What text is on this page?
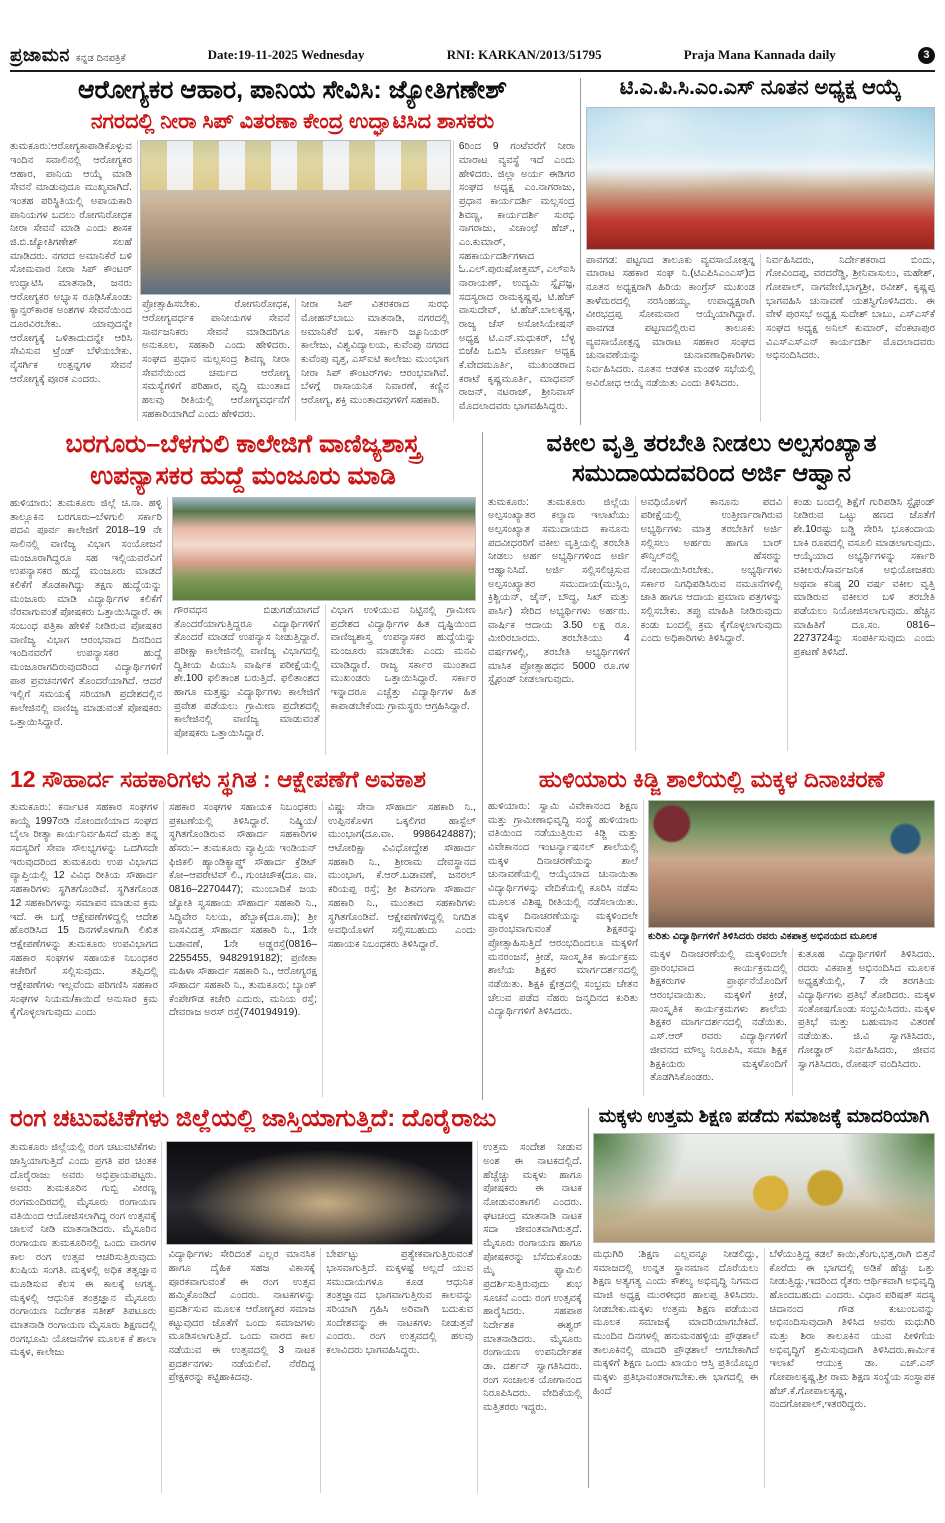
ಪ್ರಜಾ‍ಮನ ಕನ್ನಡ ದಿನಪತ್ರಿಕೆ	Date:19-11-2025 Wednesday	RNI: KARKAN/2013/51795	Praja Mana Kannada daily	3
ಆರೋಗ್ಯಕರ ಆಹಾರ, ಪಾನಿಯ ಸೇವಿಸಿ: ಜ್ಯೋತಿಗಣೇಶ್
ನಗರದಲ್ಲಿ ನೀರಾ ಸಿಪ್ ವಿತರಣಾ ಕೇಂದ್ರ ಉದ್ಘಾಟಿಸಿದ ಶಾಸಕರು
ತುಮಕೂರು:ಆರೋಗ್ಯಕಾಪಾಡಿಕೊಳ್ಳುವ ಇಂದಿನ ಸವಾಲಿನಲ್ಲಿ ಆರೋಗ್ಯಕರ ಆಹಾರ, ಪಾನಿಯ ಆಯ್ಕೆ ಮಾಡಿ ಸೇವನೆ ಮಾಡುವುದೂ ಮುಖ್ಯವಾಗಿದೆ. ಇಂತಹ ಪರಿಸ್ಥಿತಿಯಲ್ಲಿ ಅಪಾಯಕಾರಿ ಪಾನಿಯಗಳ ಬದಲು ರೋಗನಿರೋಧಕ ನೀರಾ ಸೇವನೆ ಮಾಡಿ ಎಂದು ಶಾಸಕ ಜಿ.ಬಿ.ಜ್ಯೋತಿಗಣೇಶ್ ಸಲಹೆ ಮಾಡಿದರು. ನಗರದ ಅಮಾನಿಕೆರೆ ಬಳಿ ಸೋಮವಾರ ನೀರಾ ಸಿಪ್ ಕೌಂಟರ್ ಉದ್ಘಾಟಿಸಿ ಮಾತನಾಡಿ, ಜನರು ಆರೋಗ್ಯಕರ ಅಭ್ಯಾಸ ರೂಢಿಸಿಕೊಂಡು ಕ್ಯಾನ್ಸರ್‌ಕಾರಕ ಅಂಶಗಳ ಸೇವನೆಯಿಂದ ದೂರವಿರಬೇಕು. ಯಾವುದನ್ನೇ ಆರೋಗ್ಯಕ್ಕೆ ಒಳಿತಾದುದನ್ನೇ ಆರಿಸಿ ಸೇವಿಸುವ ಟ್ರೆಂಡ್ ಬೆಳೆಯಬೇಕು. ನೈಸರ್ಗಿಕ ಉತ್ಪನ್ನಗಳ ಸೇವನೆ ಆರೋಗ್ಯಕ್ಕೆ ಪೂರಕ ಎಂದರು.
ಪ್ರೋತ್ಸಾಹಿಸಬೇಕು. ರೋಗನಿರೋಧಕ, ಆರೋಗ್ಯವರ್ಧಕ ಪಾನೀಯಗಳ ಸೇವನೆ ಸಾರ್ವಜನಿಕರು ಸೇವನೆ ಮಾಡಿದರಿಗೂ ಅನುಕೂಲ, ಸಹಕಾರಿ ಎಂದು ಹೇಳಿದರು. ಸಂಘದ ಪ್ರಧಾನ ಮಲ್ಲಸಂದ್ರ ಶಿವಣ್ಣ ನೀರಾ ಸೇವನೆಯಿಂದ ಚರ್ಮದ ಆರೋಗ್ಯ ಸಮಸ್ಯೆಗಳಿಗೆ ಪರಿಹಾರ, ವೃದ್ಧಿ ಮುಂತಾದ ಹಲವು ರೀತಿಯಲ್ಲಿ ಆರೋಗ್ಯವರ್ಧನೆಗೆ ಸಹಕಾರಿಯಾಗಿದೆ ಎಂದು ಹೇಳಿದರು.
ನೀರಾ ಸಿಪ್ ವಿತರಕರಾದ ಸುರಭಿ ಮೋಹನ್‌ಬಾಬು ಮಾತನಾಡಿ, ನಗರದಲ್ಲಿ ಅಮಾನಿಕೆರೆ ಬಳಿ, ಸರ್ಕಾರಿ ಜ್ಯೂನಿಯರ್ ಕಾಲೇಜು, ವಿಶ್ವವಿದ್ಯಾಲಯ, ಕುವೆಂಪು ನಗರದ ಕುವೆಂಪು ವೃತ್ತ, ಎಸ್‌ಐಟಿ ಕಾಲೇಜು ಮುಂಭಾಗ ನೀರಾ ಸಿಪ್ ಕೌಂಟರ್‌ಗಳು ಆರಂಭವಾಗಿವೆ. ಬೆಳಗ್ಗೆ ರಾಸಾಯನಿಕ ನಿವಾರಣೆ, ಕಣ್ಣಿನ ಆರೋಗ್ಯ, ಶಕ್ತಿ ಮುಂತಾದವುಗಳಿಗೆ ಸಹಕಾರಿ.
6ರಿಂದ 9 ಗಂಟೆವರೆಗೆ ನೀರಾ ಮಾರಾಟ ವ್ಯವಸ್ಥೆ ಇದೆ ಎಂದು ಹೇಳಿದರು. ಜಿಲ್ಲಾ ಅರ್ಯ ಈಡಿಗರ ಸಂಘದ ಅಧ್ಯಕ್ಷ ಎಂ.ನಾಗರಾಜು, ಪ್ರಧಾನ ಕಾರ್ಯದರ್ಶಿ ಮಲ್ಲಸಂದ್ರ ಶಿವಣ್ಣ, ಕಾರ್ಯದರ್ಶಿ ಸುರಭಿ ನಾಗರಾಜು, ವಿಚಾಂಛೆ ಹೆಚ್., ಎಂ.ಕುಮಾರ್, ಸಹಕಾರ್ಯದರ್ಶಿಗಳಾದ ಓ.ಎಲ್.ಪುರುಷೋತ್ತಮ್, ಎಲ್‌ಐಸಿ ನಾರಾಯಣ್, ಉದ್ಯಮಿ ಸ್ನೈವಜ್ಞ, ಸದಸ್ಯರಾದ ರಾಮಕೃಷ್ಣಪ್ಪ, ಟಿ.ಹೆಚ್ ವಾಸುದೇವ್, ಟಿ.ಹೆಚ್.ಬಾಲಕೃಷ್ಣ, ರಾಜ್ಯ ಚೆಸ್ ಅಸೋಸಿಯೇಷನ್ ಅಧ್ಯಕ್ಷ ಟಿ.ಎನ್.ಮಧುಕರ್, ಬೆಳ್ಳ ಬಿಜೆಪಿ ಒಬಿಸಿ ಮೋರ್ಚಾ ಅಧ್ಯಕ್ಷ ಕೆ.ವೇದಮೂರ್ತಿ, ಮುಖಂಡರಾದ ಕರಾಟೆ ಕೃಷ್ಣಮೂರ್ತಿ, ಮಾಧವನ್ ರಾಜನ್, ನಟರಾಜ್, ಶ್ರೀನಿವಾಸ್ ಮೊದಲಾದವರು ಭಾಗವಹಿಸಿದ್ದರು.
ಟಿ.ಎ.ಪಿ.ಸಿ.ಎಂ.ಎಸ್ ನೂತನ ಅಧ್ಯಕ್ಷ ಆಯ್ಕೆ
ಪಾವಗಡ: ಪಟ್ಟಣದ ತಾಲೂಕು ವ್ಯವಸಾಯೋತ್ಪನ್ನ ಮಾರಾಟ ಸಹಕಾರ ಸಂಘ ನಿ.(ಟಿಎಪಿಸಿಎಂಎಸ್)ದ ನೂತನ ಅಧ್ಯಕ್ಷರಾಗಿ ಹಿರಿಯ ಕಾಂಗ್ರೆಸ್ ಮುಖಂಡ ತಾಳೆಮರದಲ್ಲಿ ನರಸಿಂಹಯ್ಯ, ಉಪಾಧ್ಯಕ್ಷರಾಗಿ ವೀರಭದ್ರಪ್ಪ ಸೋಮವಾರ ಆಯ್ಕೆಯಾಗಿದ್ದಾರೆ. ಪಾವಗಡ ಪಟ್ಟಣದಲ್ಲಿರುವ ತಾಲೂಕು ವ್ಯವಸಾಯೋತ್ಪನ್ನ ಮಾರಾಟ ಸಹಕಾರ ಸಂಘದ ಚುನಾವಣೆಯನ್ನು ಚುನಾವಣಾಧಿಕಾರಿಗಳು ನಿರ್ವಹಿಸಿದರು. ನೂತನ ಆಡಳಿತ ಮಂಡಳಿ ಸಭೆಯಲ್ಲಿ ಅವಿರೋಧ ಆಯ್ಕೆ ನಡೆಯಿತು ಎಂದು ತಿಳಿಸಿದರು.
ನಿರ್ವಹಿಸಿದರು, ನಿರ್ದೇಶಕರಾದ ಬಿಂದು, ಗೋವಿಂದಪ್ಪ, ವರದರೆಡ್ಡಿ, ಶ್ರೀನಿವಾಸುಲು, ಮಹೇಶ್, ಗೋಪಾಲ್, ನಾಗವೇಣಿ,ಭಾಗ್ಯಶ್ರೀ, ರವೀಶ್, ಕೃಷ್ಣಪ್ಪ ಭಾಗವಹಿಸಿ ಚುನಾವಣೆ ಯಶಸ್ವಿಗೊಳಿಸಿದರು. ಈ ವೇಳೆ ಪುರಸಭೆ ಅಧ್ಯಕ್ಷ ಸುದೇಶ್ ಬಾಬು, ಎಸ್‌ಎಸ್‌ಕೆ ಸಂಘದ ಅಧ್ಯಕ್ಷ ಅನಿಲ್ ಕುಮಾರ್, ವೆಂಕಟಾಪುರ ವಿಎಸ್‌ಎಸ್‌ಎನ್ ಕಾರ್ಯದರ್ಶಿ ಮೊದಲಾದವರು ಅಭಿನಂದಿಸಿದರು.
ಬರಗೂರು–ಬೆಳಗುಲಿ ಕಾಲೇಜಿಗೆ ವಾಣಿಜ್ಯಶಾಸ್ತ್ರ
ಉಪನ್ಯಾಸಕರ ಹುದ್ದೆ ಮಂಜೂರು ಮಾಡಿ
ಹುಳಿಯಾರು: ತುಮಕೂರು ಜಿಲ್ಲೆ ಚಿ.ನಾ. ಹಳ್ಳಿ ತಾಲ್ಲೂಕಿನ ಬರಗೂರು–ಬೆಳಗುಲಿ ಸರ್ಕಾರಿ ಪದವಿ ಪೂರ್ವ ಕಾಲೇಜಿಗೆ 2018–19 ನೇ ಸಾಲಿನಲ್ಲಿ ವಾಣಿಜ್ಯ ವಿಭಾಗ ಸಂಯೋಜನೆ ಮಂಜೂರಾಗಿದ್ದರೂ ಸಹ ಇಲ್ಲಿಯವರೆವಿಗೆ ಉಪನ್ಯಾಸಕರ ಹುದ್ದೆ ಮಂಜೂರು ಮಾಡದೆ ಕಲಿಕೆಗೆ ತೊಡಕಾಗಿದ್ದು ತಕ್ಷಣ ಹುದ್ದೆಯನ್ನು ಮಂಜೂರು ಮಾಡಿ ವಿದ್ಯಾರ್ಥಿಗಳ ಕಲಿಕೆಗೆ ನೆರವಾಗುವಂತೆ ಪೋಷಕರು ಒತ್ತಾಯಿಸಿದ್ದಾರೆ. ಈ ಸಂಬಂಧ ಪತ್ರಿಕಾ ಹೇಳಿಕೆ ನೀಡಿರುವ ಪೋಷಕರ ವಾಣಿಜ್ಯ ವಿಭಾಗ ಆರಂಭವಾದ ದಿನದಿಂದ ಇಂದಿನವರೆಗೆ ಉಪನ್ಯಾಸಕರ ಹುದ್ದೆ ಮಂಜೂರಾಗದಿರುವುದರಿಂದ ವಿದ್ಯಾರ್ಥಿಗಳಿಗೆ ಪಾಠ ಪ್ರವಚನಗಳಿಗೆ ತೊಂದರೆಯಾಗಿದೆ. ಆದರೆ ಇಲ್ಲಿಗೆ ಸಮಯಕ್ಕೆ ಸರಿಯಾಗಿ ಪ್ರದೇಶದಲ್ಲಿನ ಕಾಲೇಜಿನಲ್ಲಿ ವಾಣಿಜ್ಯ ಮಾಡುವಂತೆ ಪೋಷಕರು ಒತ್ತಾಯಿಸಿದ್ದಾರೆ.
ಗೌರವಧನ ಬಿಡುಗಡೆಯಾಗದೆ ತೊಂದರೆಯಾಗುತ್ತಿದ್ದರೂ ವಿದ್ಯಾರ್ಥಿಗಳಿಗೆ ತೊಂದರೆ ಮಾಡದೆ ಉಪನ್ಯಾಸ ನೀಡುತ್ತಿದ್ದಾರೆ. ಪರೀಕ್ಷಾ ಕಾಲೇಜಿನಲ್ಲಿ ವಾಣಿಜ್ಯ ವಿಭಾಗದಲ್ಲಿ ದ್ವಿತೀಯ ಪಿಯುಸಿ ವಾರ್ಷಿಕ ಪರೀಕ್ಷೆಯಲ್ಲಿ ಶೇ.100 ಫಲಿತಾಂಶ ಬರುತ್ತಿದೆ. ಫಲಿತಾಂಶದ ಹಾಗೂ ಮತ್ತಷ್ಟು ವಿದ್ಯಾರ್ಥಿಗಳು ಕಾಲೇಜಿಗೆ ಪ್ರವೇಶ ಪಡೆಯಲು ಗ್ರಾಮೀಣ ಪ್ರದೇಶದಲ್ಲಿ ಕಾಲೇಜಿನಲ್ಲಿ ವಾಣಿಜ್ಯ ಮಾಡುವಂತೆ ಪೋಷಕರು ಒತ್ತಾಯಿಸಿದ್ದಾರೆ.
ವಿಭಾಗ ಉಳಿಯುವ ನಿಟ್ಟಿನಲ್ಲಿ ಗ್ರಾಮೀಣ ಪ್ರದೇಶದ ವಿದ್ಯಾರ್ಥಿಗಳ ಹಿತ ದೃಷ್ಟಿಯಿಂದ ವಾಣಿಜ್ಯಶಾಸ್ತ್ರ ಉಪನ್ಯಾಸಕರ ಹುದ್ದೆಯನ್ನು ಮಂಜೂರು ಮಾಡಬೇಕು ಎಂದು ಮನವಿ ಮಾಡಿದ್ದಾರೆ. ರಾಜ್ಯ ಸರ್ಕಾರ ಮುಂತಾದ ಮುಖಂಡರು ಒತ್ತಾಯಿಸಿದ್ದಾರೆ. ಸರ್ಕಾರ ಇನ್ನಾದರೂ ಎಚ್ಚೆತ್ತು ವಿದ್ಯಾರ್ಥಿಗಳ ಹಿತ ಕಾಪಾಡಬೇಕೆಂದು ಗ್ರಾಮಸ್ಥರು ಆಗ್ರಹಿಸಿದ್ದಾರೆ.
ವಕೀಲ ವೃತ್ತಿ ತರಬೇತಿ ನೀಡಲು ಅಲ್ಪಸಂಖ್ಯಾತ
ಸಮುದಾಯದವರಿಂದ ಅರ್ಜಿ ಆಹ್ವಾನ
ತುಮಕೂರು: ತುಮಕೂರು ಜಿಲ್ಲೆಯ ಅಲ್ಪಸಂಖ್ಯಾತರ ಕಲ್ಯಾಣ ಇಲಾಖೆಯು ಅಲ್ಪಸಂಖ್ಯಾತ ಸಮುದಾಯದ ಕಾನೂನು ಪದವೀಧರರಿಗೆ ವಕೀಲ ವೃತ್ತಿಯಲ್ಲಿ ತರಬೇತಿ ನೀಡಲು ಅರ್ಹ ಅಭ್ಯರ್ಥಿಗಳಿಂದ ಅರ್ಜಿ ಆಹ್ವಾನಿಸಿದೆ. ಅರ್ಜಿ ಸಲ್ಲಿಸಲಿಚ್ಛಿಸುವ ಅಲ್ಪಸಂಖ್ಯಾತರ ಸಮುದಾಯ(ಮುಸ್ಲಿಂ, ಕ್ರಿಶ್ಚಿಯನ್, ಜೈನ್, ಬೌದ್ಧ, ಸಿಖ್ ಮತ್ತು ಪಾರ್ಸಿ) ಸೇರಿದ ಅಭ್ಯರ್ಥಿಗಳು ಅರ್ಹರು. ವಾರ್ಷಿಕ ಆದಾಯ 3.50 ಲಕ್ಷ ರೂ. ಮೀರಿರಬಾರದು. ತರಬೇತಿಯು 4 ವರ್ಷಗಳಲ್ಲಿ, ತರಬೇತಿ ಅಭ್ಯರ್ಥಿಗಳಿಗೆ ಮಾಸಿಕ ಪ್ರೋತ್ಸಾಹಧನ 5000 ರೂ.ಗಳ ಸ್ಟೈಫಂಡ್ ನೀಡಲಾಗುವುದು.
ಅವಧಿಯೊಳಗೆ ಕಾನೂನು ಪದವಿ ಪರೀಕ್ಷೆಯಲ್ಲಿ ಉತ್ತೀರ್ಣರಾಗಿರುವ ಅಭ್ಯರ್ಥಿಗಳು ಮಾತ್ರ ತರಬೇತಿಗೆ ಅರ್ಜಿ ಸಲ್ಲಿಸಲು ಅರ್ಹರು ಹಾಗೂ ಬಾರ್ ಕೌನ್ಸಿಲ್‌ನಲ್ಲಿ ಹೆಸರನ್ನು ನೋಂದಾಯಿಸಿರಬೇಕು. ಅಭ್ಯರ್ಥಿಗಳು ಸರ್ಕಾರ ನಿಗಧಿಪಡಿಸಿರುವ ನಮೂನೆಗಳಲ್ಲಿ ಜಾತಿ ಹಾಗೂ ಆದಾಯ ಪ್ರಮಾಣ ಪತ್ರಗಳನ್ನು ಸಲ್ಲಿಸಬೇಕು. ತಪ್ಪು ಮಾಹಿತಿ ನೀಡಿರುವುದು ಕಂಡು ಬಂದಲ್ಲಿ ಕ್ರಮ ಕೈಗೊಳ್ಳಲಾಗುವುದು ಎಂದು ಅಧಿಕಾರಿಗಳು ತಿಳಿಸಿದ್ದಾರೆ.
ಕಂಡು ಬಂದಲ್ಲಿ ಶಿಕ್ಷೆಗೆ ಗುರಿಪಡಿಸಿ ಸ್ಟೈಫಂಡ್ ನೀಡಿರುವ ಒಟ್ಟು ಹಣದ ಜೊತೆಗೆ ಶೇ.10ರಷ್ಟು ಬಡ್ಡಿ ಸೇರಿಸಿ ಭೂಕಂದಾಯ ಬಾಕಿ ರೂಪದಲ್ಲಿ ವಸೂಲಿ ಮಾಡಲಾಗುವುದು. ಆಯ್ಕೆಯಾದ ಅಭ್ಯರ್ಥಿಗಳನ್ನು ಸರ್ಕಾರಿ ವಕೀಲರು/ಸಾರ್ವಜನಿಕ ಅಭಿಯೋಜಕರು ಅಥವಾ ಕನಿಷ್ಠ 20 ವರ್ಷ ವಕೀಲ ವೃತ್ತಿ ಮಾಡಿರುವ ವಕೀಲರ ಬಳಿ ತರಬೇತಿ ಪಡೆಯಲು ನಿಯೋಜಿಸಲಾಗುವುದು. ಹೆಚ್ಚಿನ ಮಾಹಿತಿಗೆ ದೂ.ಸಂ. 0816–2273724ನ್ನು ಸಂಪರ್ಕಿಸುವುದು ಎಂದು ಪ್ರಕಟಣೆ ತಿಳಿಸಿದೆ.
12 ಸೌಹಾರ್ದ ಸಹಕಾರಿಗಳು ಸ್ಥಗಿತ : ಆಕ್ಷೇಪಣೆಗೆ ಅವಕಾಶ
ತುಮಕೂರು: ಕರ್ನಾಟಕ ಸಹಕಾರ ಸಂಘಗಳ ಕಾಯ್ದೆ 1997ರಡಿ ನೋಂದಣಿಯಾದ ಸಂಘದ ಬೈಲಾ ರೀತ್ಯಾ ಕಾರ್ಯನಿರ್ವಹಿಸದೆ ಮತ್ತು ತನ್ನ ಸದಸ್ಯರಿಗೆ ಸೇವಾ ಸೌಲಭ್ಯಗಳನ್ನು ಒದಗಿಸದೇ ಇರುವುದರಿಂದ ತುಮಕೂರು ಉಪ ವಿಭಾಗದ ವ್ಯಾಪ್ತಿಯಲ್ಲಿ 12 ವಿವಿಧ ರೀತಿಯ ಸೌಹಾರ್ದ ಸಹಕಾರಿಗಳು ಸ್ಥಗಿತಗೊಂಡಿವೆ. ಸ್ಥಗಿತಗೊಂಡ 12 ಸಹಕಾರಿಗಳನ್ನು ಸಮಾಪನ ಮಾಡುವ ಕ್ರಮ ಇದೆ. ಈ ಬಗ್ಗೆ ಆಕ್ಷೇಪಣೆಗಳಿದ್ದಲ್ಲಿ ಆದೇಶ ಹೊರಡಿಸಿದ 15 ದಿನಗಳೊಳಗಾಗಿ ಲಿಖಿತ ಆಕ್ಷೇಪಣೆಗಳನ್ನು ತುಮಕೂರು ಉಪವಿಭಾಗದ ಸಹಕಾರ ಸಂಘಗಳ ಸಹಾಯಕ ನಿಬಂಧಕರ ಕಚೇರಿಗೆ ಸಲ್ಲಿಸುವುದು. ತಪ್ಪಿದಲ್ಲಿ ಆಕ್ಷೇಪಣೆಗಳು ಇಲ್ಲವೆಂದು ಪರಿಗಣಿಸಿ ಸಹಕಾರ ಸಂಘಗಳ ನಿಯಮ/ಕಾಯಿದೆ ಅನುಸಾರ ಕ್ರಮ ಕೈಗೊಳ್ಳಲಾಗುವುದು ಎಂದು
ಸಹಕಾರ ಸಂಘಗಳ ಸಹಾಯಕ ನಿಬಂಧಕರು ಪ್ರಕಟಣೆಯಲ್ಲಿ ತಿಳಿಸಿದ್ದಾರೆ. ನಿಷ್ಕ್ರಿಯ/ಸ್ಥಗಿತಗೊಂಡಿರುವ ಸೌಹಾರ್ದ ಸಹಕಾರಿಗಳ ಹೆಸರು:– ತುಮಕೂರು ವ್ಯಾಪ್ತಿಯ ಇಂಡಿಯನ್ ಫಿಜಿಕಲಿ ಹ್ಯಾಂಡಿಕ್ಯಾಪ್ಡ್ ಸೌಹಾರ್ದ ಕ್ರೆಡಿಟ್ ಕೋ–ಆಪರೇಟಿವ್ ಲಿ., ಗುಂಚಿಚೌಕ(ದೂ. ವಾ. 0816–2270447); ಮುಂಬಾದಿಕೆ ಜಯ ಜ್ಯೋತಿ ಸ್ವಸಹಾಯ ಸೌಹಾರ್ದ ಸಹಕಾರಿ ನಿ., ಸಿದ್ಧಿವೇರ ನಿಲಯ, ಹೆಬ್ಬಾಕ(ದೂ.ವಾ); ಶ್ರೀ ವಾಸವಿದತ್ತ ಸೌಹಾರ್ದ ಸಹಕಾರಿ ನಿ., 1ನೇ ಬಡಾವಣೆ, 1ನೇ ಅಡ್ಡರಸ್ತೆ(0816–2255455, 9482919182); ಪ್ರಣೀತಾ ಮಹಿಳಾ ಸೌಹಾರ್ದ ಸಹಕಾರಿ ನಿ., ಆರೋಗ್ಯರಕ್ಷ ಸೌಹಾರ್ದ ಸಹಕಾರಿ ನಿ., ತುಮಕೂರು; ಬ್ಯಾಂಕ್ ಕೆಂಪೇಗೌಡ ಕಚೇರಿ ಎದುರು, ಮನಿಯ ರಸ್ತೆ; ದೇವರಾಜ ಅರಸ್ ರಸ್ತೆ(740194919).
ವಿಷ್ಣು ಸೇನಾ ಸೌಹಾರ್ದ ಸಹಕಾರಿ ನಿ., ಉಪ್ಪಿನಕೊಳಗ ಒಕ್ಕಲಿಗರ ಹಾಸ್ಟೆಲ್ ಮುಂಭಾಗ(ದೂ.ವಾ. 9986424887); ಆಟೋರಿಕ್ಷಾ ವಿವಿಧೋದ್ದೇಶ ಸೌಹಾರ್ದ ಸಹಕಾರಿ ನಿ., ಶ್ರೀರಾಮ ದೇವಸ್ಥಾನದ ಮುಂಭಾಗ, ಕೆ.ಆರ್.ಬಡಾವಣೆ, ಜನರಲ್ ಕರಿಯಪ್ಪ ರಸ್ತೆ; ಶ್ರೀ ಶಿವಗಂಗಾ ಸೌಹಾರ್ದ ಸಹಕಾರಿ ನಿ., ಮುಂತಾದ ಸಹಕಾರಿಗಳು ಸ್ಥಗಿತಗೊಂಡಿವೆ. ಆಕ್ಷೇಪಣೆಗಳಿದ್ದಲ್ಲಿ ನಿಗದಿತ ಅವಧಿಯೊಳಗೆ ಸಲ್ಲಿಸಬಹುದು ಎಂದು ಸಹಾಯಕ ನಿಬಂಧಕರು ತಿಳಿಸಿದ್ದಾರೆ.
ಹುಳಿಯಾರು ಕಿಡ್ಜಿ ಶಾಲೆಯಲ್ಲಿ ಮಕ್ಕಳ ದಿನಾಚರಣೆ
ಹುಳಿಯಾರು: ಸ್ವಾಮಿ ವಿವೇಕಾನಂದ ಶಿಕ್ಷಣ ಮತ್ತು ಗ್ರಾಮೀಣಾಭಿವೃದ್ಧಿ ಸಂಸ್ಥೆ ಹುಳಿಯಾರು ವತಿಯಿಂದ ನಡೆಯುತ್ತಿರುವ ಕಿಡ್ಜಿ ಮತ್ತು ವಿವೇಕಾನಂದ ಇಂಟರ್ನ್ಯಾಷನಲ್ ಶಾಲೆಯಲ್ಲಿ ಮಕ್ಕಳ ದಿನಾಚರಣೆಯನ್ನು ಶಾಲೆ ಚುನಾವಣೆಯಲ್ಲಿ ಆಯ್ಕೆಯಾದ ಚುನಾಯಿತಾ ವಿದ್ಯಾರ್ಥಿಗಳನ್ನು ವೇದಿಕೆಯಲ್ಲಿ ಕೂರಿಸಿ ನಡೆಸು ಮೂಲಕ ವಿಶಿಷ್ಟ ರೀತಿಯಲ್ಲಿ ನಡೆಸಲಾಯಿತು. ಮಕ್ಕಳ ದಿನಾಚರಣೆಯನ್ನು ಮಕ್ಕಳಿಂದಲೇ ಪ್ರಾರಂಭವಾಗುವಂತೆ ಶಿಕ್ಷಕರನ್ನು ಪ್ರೋತ್ಸಾಹಿಸುತ್ತಿದೆ ಆರಂಭದಿಂದಲೂ ಮಕ್ಕಳಿಗೆ ಮನರಂಜನೆ, ಕ್ರೀಡೆ, ಸಾಂಸ್ಕೃತಿಕ ಕಾರ್ಯಕ್ರಮ ಶಾಲೆಯ ಶಿಕ್ಷಕರ ಮಾರ್ಗದರ್ಶನದಲ್ಲಿ ನಡೆಯಿತು. ಶಿಕ್ಷಕಿ ಕ್ಷೇತ್ರದಲ್ಲಿ ಸಂಭ್ರಮ ಚೇತನ ಚೆಲುವ ಪಡೆದ ನೆಹರು ಜನ್ಮದಿನದ ಕುರಿತು ವಿದ್ಯಾರ್ಥಿಗಳಿಗೆ ತಿಳಿಸಿದರು.
ಕುರಿತು ವಿದ್ಯಾರ್ಥಿಗಳಿಗೆ ತಿಳಿಸಿದರು ರವರು ವಿಕಪಾತ್ರ ಅಭಿನಯದ ಮೂಲಕ
ಮಕ್ಕಳ ದಿನಾಚರಣೆಯಲ್ಲಿ ಮಕ್ಕಳಿಂದಲೇ ಪ್ರಾರಂಭವಾದ ಕಾರ್ಯಕ್ರಮದಲ್ಲಿ ಶಿಕ್ಷಕರುಗಳ ಪ್ರಾರ್ಥನೆಯೊಂದಿಗೆ ಆರಂಭವಾಯಿತು. ಮಕ್ಕಳಿಗೆ ಕ್ರೀಡೆ, ಸಾಂಸ್ಕೃತಿಕ ಕಾರ್ಯಕ್ರಮಗಳು ಶಾಲೆಯ ಶಿಕ್ಷಕರ ಮಾರ್ಗದರ್ಶನದಲ್ಲಿ ನಡೆಯಿತು. ಎಸ್.ಆರ್ ರವರು ವಿದ್ಯಾರ್ಥಿಗಳಿಗೆ ಜೀವನದ ಮೌಲ್ಯ ನಿರೂಪಿಸಿ, ಸಮಾ ಶಿಕ್ಷಕ ಶಿಕ್ಷಕಿಯರು ಮಕ್ಕಳೊಂದಿಗೆ ತೊಡಗಿಸಿಕೊಂಡರು.
ಕುತೂಹ ವಿದ್ಯಾರ್ಥಿಗಳಿಗೆ ತಿಳಿಸಿದರು. ರದರು ವಿಕಪಾತ್ರ ಅಭಿನಂದಿಸಿದ ಮೂಲಕ ಅಧ್ಯಕ್ಷತೆಯಲ್ಲಿ, 7 ನೇ ತರಗತಿಯ ವಿದ್ಯಾರ್ಥಿಗಳು ಪ್ರತಿಭೆ ತೋರಿದರು. ಮಕ್ಕಳ ಸಂತೋಷಗೊಂಡು ಸಂಭ್ರಮಿಸಿದರು. ಮಕ್ಕಳ ಪ್ರತಿಭೆ ಮತ್ತು ಬಹುಮಾನ ವಿತರಣೆ ನಡೆಯಿತು. ಜಿ.ವಿ ಸ್ವಾಗತಿಸಿದರು, ಗೋಡ್ಡಾರ್ ನಿರ್ವಹಿಸಿದರು, ಜೀವನ ಸ್ವಾಗತಿಸಿದರು, ರೋಷನ್ ವಂದಿಸಿದರು.
ರಂಗ ಚಟುವಟಿಕೆಗಳು ಜಿಲ್ಲೆಯಲ್ಲಿ ಜಾಸ್ತಿಯಾಗುತ್ತಿದೆ: ದೊರೈರಾಜು
ತುಮಕೂರು ಜಿಲ್ಲೆಯಲ್ಲಿ ರಂಗ ಚಟುವಟಿಕೆಗಳು ಜಾಸ್ತಿಯಾಗುತ್ತಿದೆ ಎಂದು ಪ್ರಗತಿ ಪರ ಚಿಂತಕ ದೊರೈರಾಜು ಅವರು ಅಭಿಪ್ರಾಯಪಟ್ಟರು. ಅವರು ತುಮಕೂರಿನ ಗುಬ್ಬಿ ವೀರಣ್ಣ ರಂಗಮಂದಿರದಲ್ಲಿ ಮೈಸೂರು ರಂಗಾಯಣ ವತಿಯಿಂದ ಆಯೋಜಿಸಲಾಗಿದ್ದ ರಂಗ ಉತ್ಸವಕ್ಕೆ ಚಾಲನೆ ನೀಡಿ ಮಾತನಾಡಿದರು. ಮೈಸೂರಿನ ರಂಗಾಯಣ ತುಮಕೂರಿನಲ್ಲಿ ಒಂದು ವಾರಗಳ ಕಾಲ ರಂಗ ಉತ್ಸವ ಆಚರಿಸುತ್ತಿರುವುದು ಖುಷಿಯ ಸಂಗತಿ. ಮಕ್ಕಳಲ್ಲಿ ಅಧಿಕ ತತ್ವಜ್ಞಾನ ಮೂಡಿಸುವ ಕೆಲಸ ಈ ಕಾಲಕ್ಕೆ ಅಗತ್ಯ. ಮಕ್ಕಳಲ್ಲಿ ಆಧುನಿಕ ತಂತ್ರಜ್ಞಾನ ಮೈಸೂರು ರಂಗಾಯಣ ನಿರ್ದೇಶಕ ಸತೀಶ್ ತಿಪಟೂರು ಮಾತನಾಡಿ ರಂಗಾಯಣ ಮೈಸೂರು ಶಿಕ್ಷಣದಲ್ಲಿ ರಂಗಭೂಮಿ ಯೋಜನೆಗಳ ಮೂಲಕ ಕೆ ಶಾಲಾ ಮಕ್ಕಳ, ಕಾಲೇಜು
ವಿದ್ಯಾರ್ಥಿಗಳು ಸೇರಿದಂತೆ ಎಲ್ಲರ ಮಾನಸಿಕ ಹಾಗೂ ದೈಹಿಕ ಸಹಜ ವಿಕಾಸಕ್ಕೆ ಪೂರಕವಾಗುವಂತೆ ಈ ರಂಗ ಉತ್ಸವ ಹಮ್ಮಿಕೊಂಡಿದೆ ಎಂದರು. ನಾಟಕಗಳನ್ನು ಪ್ರದರ್ಶಿಸುವ ಮೂಲಕ ಆರೋಗ್ಯಕರ ಸಮಾಜ ಕಟ್ಟುವುದರ ಜೊತೆಗೆ ಒಂದು ಸಮಾಜಗಳು ಮೂಡಿಸಲಾಗುತ್ತಿದೆ. ಒಂದು ವಾರದ ಕಾಲ ನಡೆಯುವ ಈ ಉತ್ಸವದಲ್ಲಿ 3 ನಾಟಕ ಪ್ರದರ್ಶನಗಳು ನಡೆಯಲಿವೆ. ನೆರೆದಿದ್ದ ಪ್ರೇಕ್ಷಕರನ್ನು ಕಟ್ಟಿಹಾಕಿದವು.
ಬೇರ್ಪಟ್ಟು ಪ್ರತ್ಯೇಕವಾಗುತ್ತಿರುವಂತೆ ಭಾಸವಾಗುತ್ತಿದೆ. ಮಕ್ಕಳಷ್ಟೆ ಅಲ್ಲದೆ ಯುವ ಸಮುದಾಯಗಳೂ ಕೂಡ ಆಧುನಿಕ ತಂತ್ರಜ್ಞಾನದ ಭಾಗವಾಗುತ್ತಿರುವ ಕಾಲವನ್ನು ಸರಿಯಾಗಿ ಗ್ರಹಿಸಿ ಅರಿವಾಗಿ ಬದುಕುವ ಸಂದೇಶವನ್ನು ಈ ನಾಟಕಗಳು ನೀಡುತ್ತವೆ ಎಂದರು. ರಂಗ ಉತ್ಸವದಲ್ಲಿ ಹಲವು ಕಲಾವಿದರು ಭಾಗವಹಿಸಿದ್ದರು.
ಉತ್ತಮ ಸಂದೇಶ ನೀಡುವ ಅಂಶ ಈ ನಾಟಕದಲ್ಲಿದೆ. ಹೆಚ್ಚೆಚ್ಚು ಮಕ್ಕಳು ಹಾಗೂ ಪೋಷಕರು ಈ ನಾಟಕ ನೋಡುವಂತಾಗಲಿ ಎಂದರು. ಘಟಚಂದ್ರ ಮಾತನಾಡಿ ನಾಟಕ ಸದಾ ಜೀವಂತವಾಗಿರುತ್ತದೆ. ಮೈಸೂರು ರಂಗಾಯಣ ಹಾಗೂ ಪೋಷಕರನ್ನು ಬೆಸೆದುಕೊಂಡು ಮೈ ಫ್ಯಾಮಿಲಿ ಪ್ರದರ್ಶಿಸುತ್ತಿರುವುದು ಶುಭ ಸೂಚನೆ ಎಂದು ರಂಗ ಉತ್ಸವಕ್ಕೆ ಹಾರೈಸಿದರು. ಸಹಪಾಠ ನಿರ್ದೇಶಕ ಈಶ್ವರ್ ಮಾತನಾಡಿದರು. ಮೈಸೂರು ರಂಗಾಯಣ ಉಪನಿರ್ದೇಶಕ ಡಾ. ದರ್ಶನ್ ಸ್ವಾಗತಿಸಿದರು. ರಂಗ ಸಂಚಾಲಕ ಯೋಗಾನಂದ ನಿರೂಪಿಸಿದರು. ವೇದಿಕೆಯಲ್ಲಿ ಮತ್ತಿತರರು ಇದ್ದರು.
ಮಕ್ಕಳು ಉತ್ತಮ ಶಿಕ್ಷಣ ಪಡೆದು ಸಮಾಜಕ್ಕೆ ಮಾದರಿಯಾಗಿ
ಮಧುಗಿರಿ :ಶಿಕ್ಷಣ ಎಲ್ಲವನ್ನೂ ನೀಡಲಿದ್ದು, ಸಮಾಜದಲ್ಲಿ ಉನ್ನತ ಸ್ಥಾನಮಾನ ದೊರೆಯಲು ಶಿಕ್ಷಣ ಅತ್ಯಗತ್ಯ ಎಂದು ಕೌಶಲ್ಯ ಅಭಿವೃದ್ಧಿ ನಿಗಮದ ಮಾಜಿ ಅಧ್ಯಕ್ಷ ಮುರಳೀಧರ ಹಾಲಪ್ಪ ತಿಳಿಸಿದರು. ನೀಡಬೇಕು.ಮಕ್ಕಳು ಉತ್ತಮ ಶಿಕ್ಷಣ ಪಡೆಯುವ ಮೂಲಕ ಸಮಾಜಕ್ಕೆ ಮಾದರಿಯಾಗಬೇಕಿದೆ. ಮುಂದಿನ ದಿನಗಳಲ್ಲಿ ಹನುಮನಹಳ್ಳಿಯ ಪ್ರೌಢಶಾಲೆ ತಾಲೂಕಿನಲ್ಲಿ ಮಾದರಿ ಪ್ರೌಢಶಾಲೆ ಆಗಬೇಕಾಗಿದೆ ಮಕ್ಕಳಿಗೆ ಶಿಕ್ಷಣ ಒಂದು ಖಾಯಂ ಆಸ್ತಿ ಪ್ರತಿಯೊಬ್ಬರ ಮಕ್ಕಳು ಪ್ರತಿಭಾವಂತರಾಗಬೇಕು.ಈ ಭಾಗದಲ್ಲಿ ಈ ಹಿಂದೆ
ಬೆಳೆಯುತ್ತಿದ್ದ ಕಡಲೆ ಕಾಯಿ,ತೆಂಗು,ಭತ್ತ,ರಾಗಿ ಬಿತ್ತನೆ ಕೊರೆದು ಈ ಭಾಗದಲ್ಲಿ ಅಡಿಕೆ ಹೆಚ್ಚು ಒತ್ತು ನೀಡುತ್ತಿದ್ದು,ಇದರಿಂದ ರೈತರು ಆರ್ಥಿಕವಾಗಿ ಅಭಿವೃದ್ಧಿ ಹೊಂದಬಹುದು ಎಂದರು. ವಿಧಾನ ಪರಿಷತ್ ಸದಸ್ಯ ಚಿದಾನಂದ ಗೌಡ ಕುಟುಂಬವನ್ನು ಅಭಿನಂದಿಸುವುದಾಗಿ ತಿಳಿಸಿದ ಅವರು ಮಧುಗಿರಿ ಮತ್ತು ಶಿರಾ ತಾಲೂಕಿನ ಯುವ ಪೀಳಿಗೆಯ ಅಭಿವೃದ್ಧಿಗೆ ಶ್ರಮಿಸುವುದಾಗಿ ತಿಳಿಸಿದರು.ಕಾರ್ಮಿಕ ಇಲಾಖೆ ಆಯುಕ್ತ ಡಾ. ಎಚ್.ಎನ್ ಗೋಪಾಲಕೃಷ್ಣ,ಶ್ರೀ ರಾಮ ಶಿಕ್ಷಣ ಸಂಸ್ಥೆಯ ಸಂಸ್ಥಾಪಕ ಹೆಚ್.ಕೆ.ಗೋಪಾಲಕೃಷ್ಣ, ನಂದಗೋಪಾಲ್,ಇತರರಿದ್ದರು.
